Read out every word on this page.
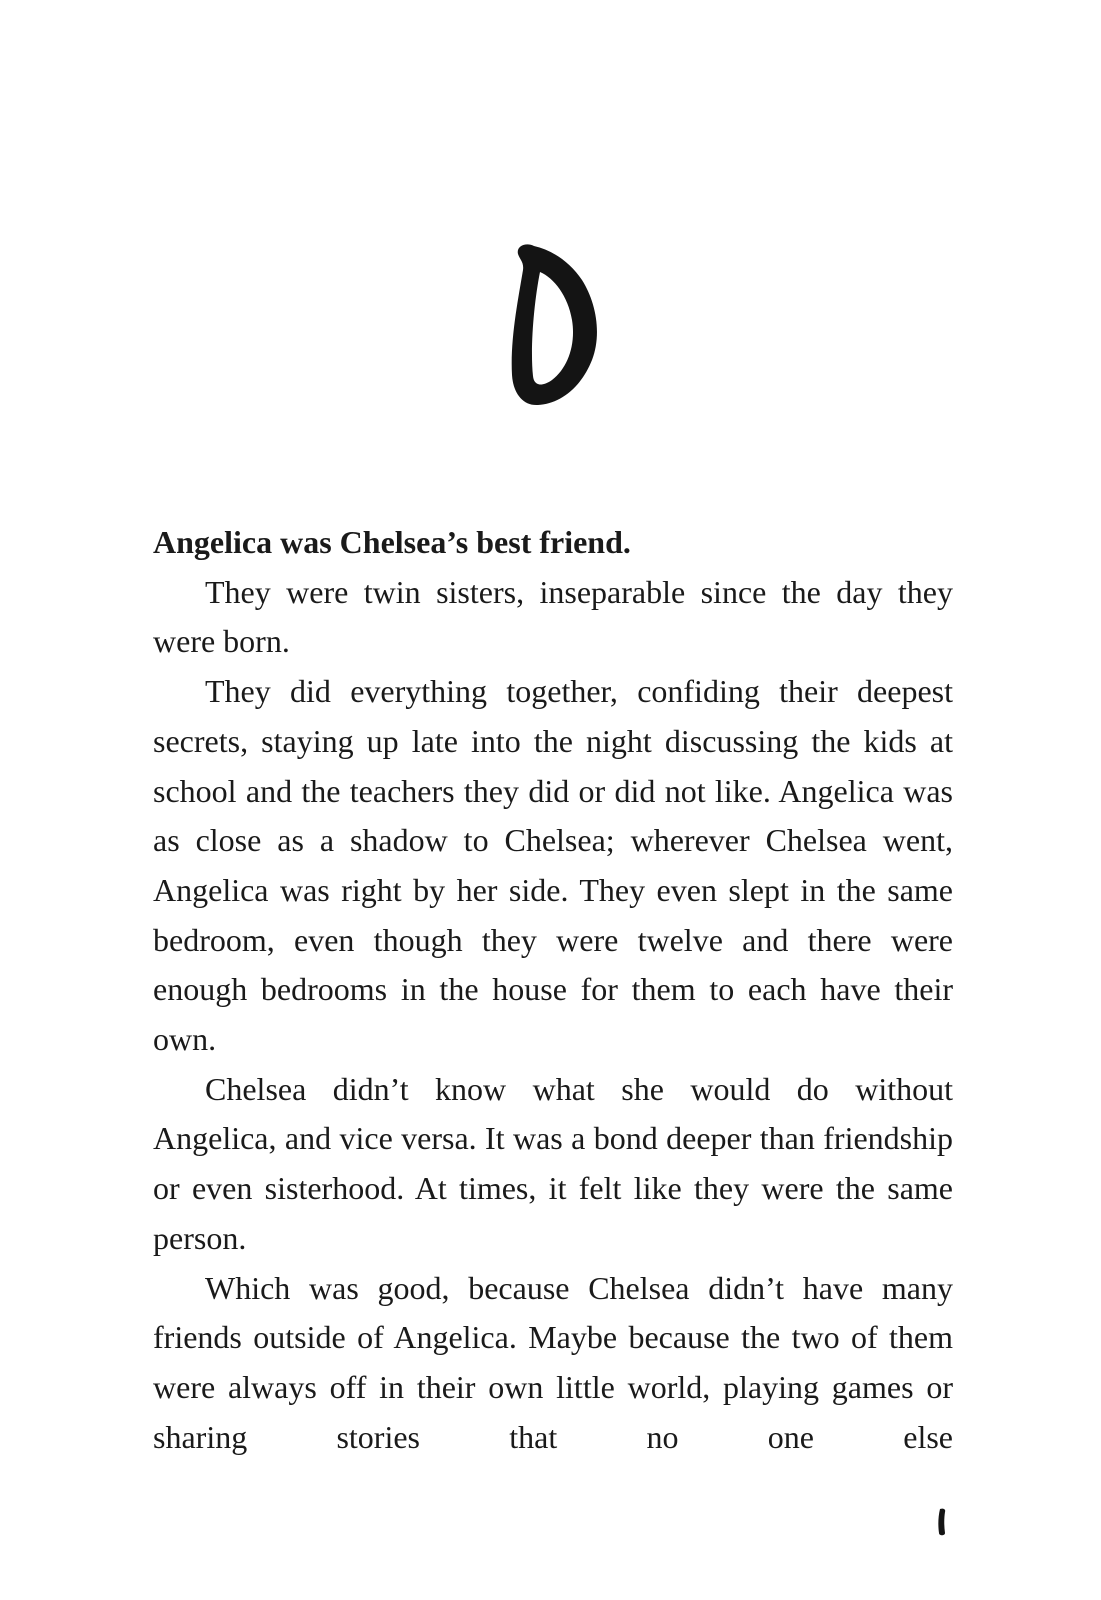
Angelica was Chelsea’s best friend.

They were twin sisters, inseparable since the day they were born.

They did everything together, confiding their deepest secrets, staying up late into the night discussing the kids at school and the teachers they did or did not like. Angelica was as close as a shadow to Chelsea; wherever Chelsea went, Angelica was right by her side. They even slept in the same bedroom, even though they were twelve and there were enough bedrooms in the house for them to each have their own.

Chelsea didn’t know what she would do without Angelica, and vice versa. It was a bond deeper than friendship or even sisterhood. At times, it felt like they were the same person.

Which was good, because Chelsea didn’t have many friends outside of Angelica. Maybe because the two of them were always off in their own little world, playing games or sharing stories that no one else
